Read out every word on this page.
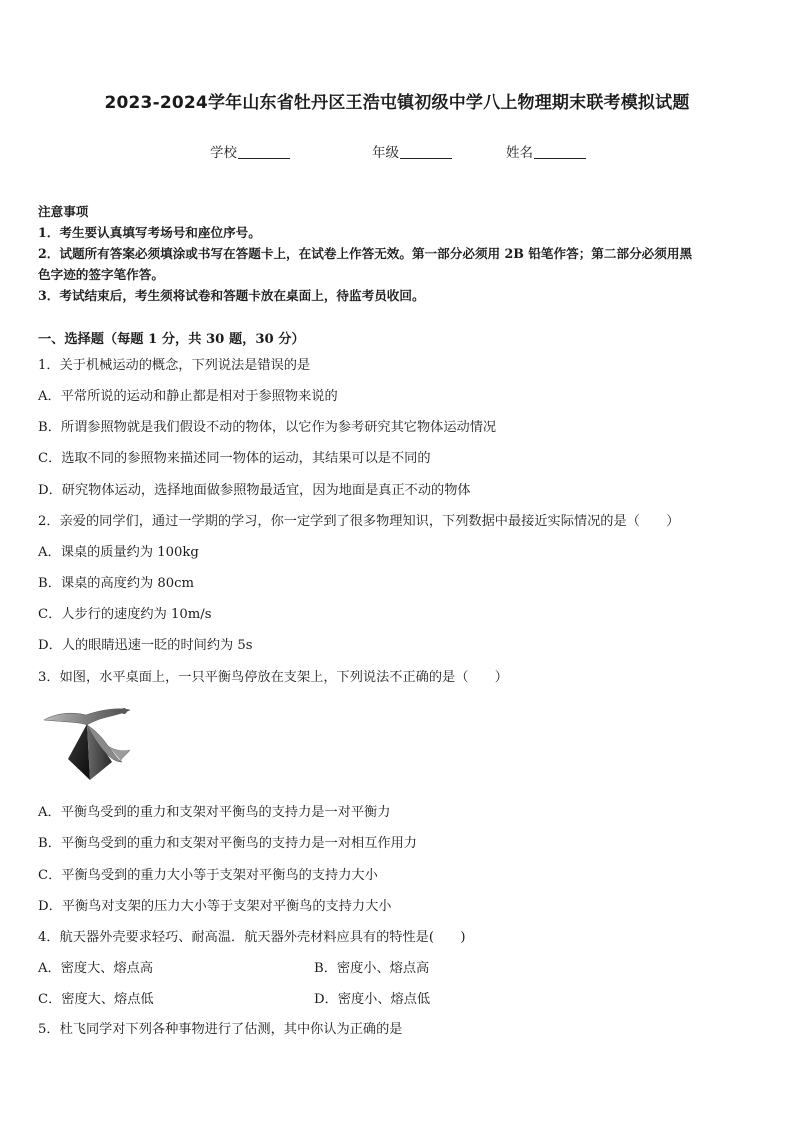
2023-2024学年山东省牡丹区王浩屯镇初级中学八上物理期末联考模拟试题
学校	年级	姓名
注意事项
1．考生要认真填写考场号和座位序号。
2．试题所有答案必须填涂或书写在答题卡上，在试卷上作答无效。第一部分必须用 2B 铅笔作答；第二部分必须用黑
色字迹的签字笔作答。
3．考试结束后，考生须将试卷和答题卡放在桌面上，待监考员收回。
一、选择题（每题 1 分，共 30 题，30 分）
1．关于机械运动的概念，下列说法是错误的是
A．平常所说的运动和静止都是相对于参照物来说的
B．所谓参照物就是我们假设不动的物体，以它作为参考研究其它物体运动情况
C．选取不同的参照物来描述同一物体的运动，其结果可以是不同的
D．研究物体运动，选择地面做参照物最适宜，因为地面是真正不动的物体
2．亲爱的同学们，通过一学期的学习，你一定学到了很多物理知识，下列数据中最接近实际情况的是（　　）
A．课桌的质量约为 100kg
B．课桌的高度约为 80cm
C．人步行的速度约为 10m/s
D．人的眼睛迅速一眨的时间约为 5s
3．如图，水平桌面上，一只平衡鸟停放在支架上，下列说法不正确的是（　　）
A．平衡鸟受到的重力和支架对平衡鸟的支持力是一对平衡力
B．平衡鸟受到的重力和支架对平衡鸟的支持力是一对相互作用力
C．平衡鸟受到的重力大小等于支架对平衡鸟的支持力大小
D．平衡鸟对支架的压力大小等于支架对平衡鸟的支持力大小
4．航天器外壳要求轻巧、耐高温．航天器外壳材料应具有的特性是(　　)
A．密度大、熔点高	B．密度小、熔点高
C．密度大、熔点低	D．密度小、熔点低
5．杜飞同学对下列各种事物进行了估测，其中你认为正确的是
